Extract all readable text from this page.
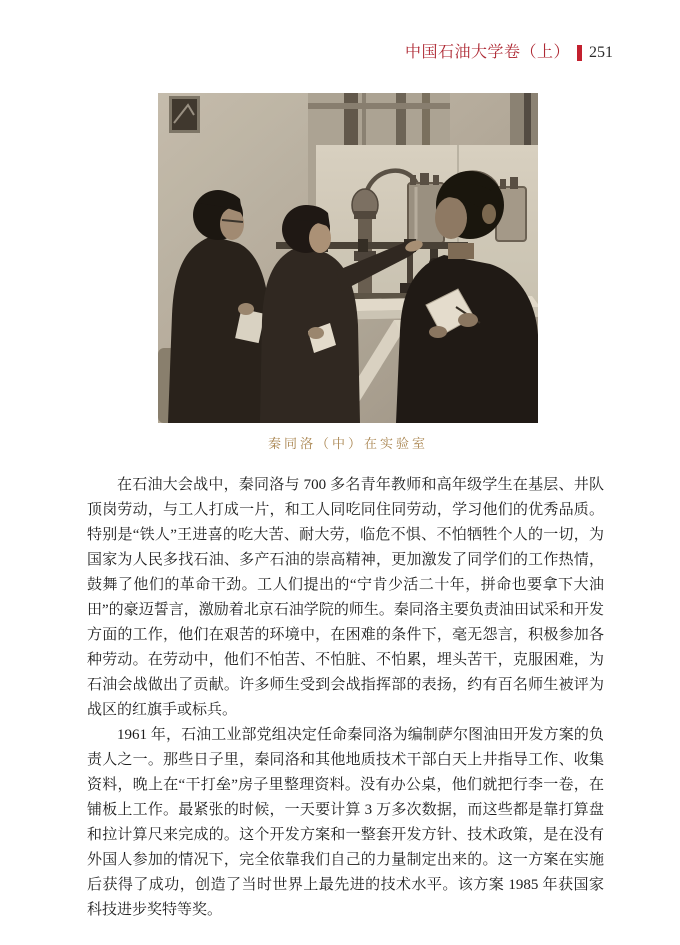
中国石油大学卷（上） 251
秦同洛（中）在实验室

在石油大会战中，秦同洛与 700 多名青年教师和高年级学生在基层、井队顶岗劳动，与工人打成一片，和工人同吃同住同劳动，学习他们的优秀品质。特别是“铁人”王进喜的吃大苦、耐大劳，临危不惧、不怕牺牲个人的一切，为国家为人民多找石油、多产石油的崇高精神，更加激发了同学们的工作热情，鼓舞了他们的革命干劲。工人们提出的“宁肯少活二十年，拼命也要拿下大油田”的豪迈誓言，激励着北京石油学院的师生。秦同洛主要负责油田试采和开发方面的工作，他们在艰苦的环境中，在困难的条件下，毫无怨言，积极参加各种劳动。在劳动中，他们不怕苦、不怕脏、不怕累，埋头苦干，克服困难，为石油会战做出了贡献。许多师生受到会战指挥部的表扬，约有百名师生被评为战区的红旗手或标兵。

1961 年，石油工业部党组决定任命秦同洛为编制萨尔图油田开发方案的负责人之一。那些日子里，秦同洛和其他地质技术干部白天上井指导工作、收集资料，晚上在“干打垒”房子里整理资料。没有办公桌，他们就把行李一卷，在铺板上工作。最紧张的时候，一天要计算 3 万多次数据，而这些都是靠打算盘和拉计算尺来完成的。这个开发方案和一整套开发方针、技术政策，是在没有外国人参加的情况下，完全依靠我们自己的力量制定出来的。这一方案在实施后获得了成功，创造了当时世界上最先进的技术水平。该方案 1985 年获国家科技进步奖特等奖。
